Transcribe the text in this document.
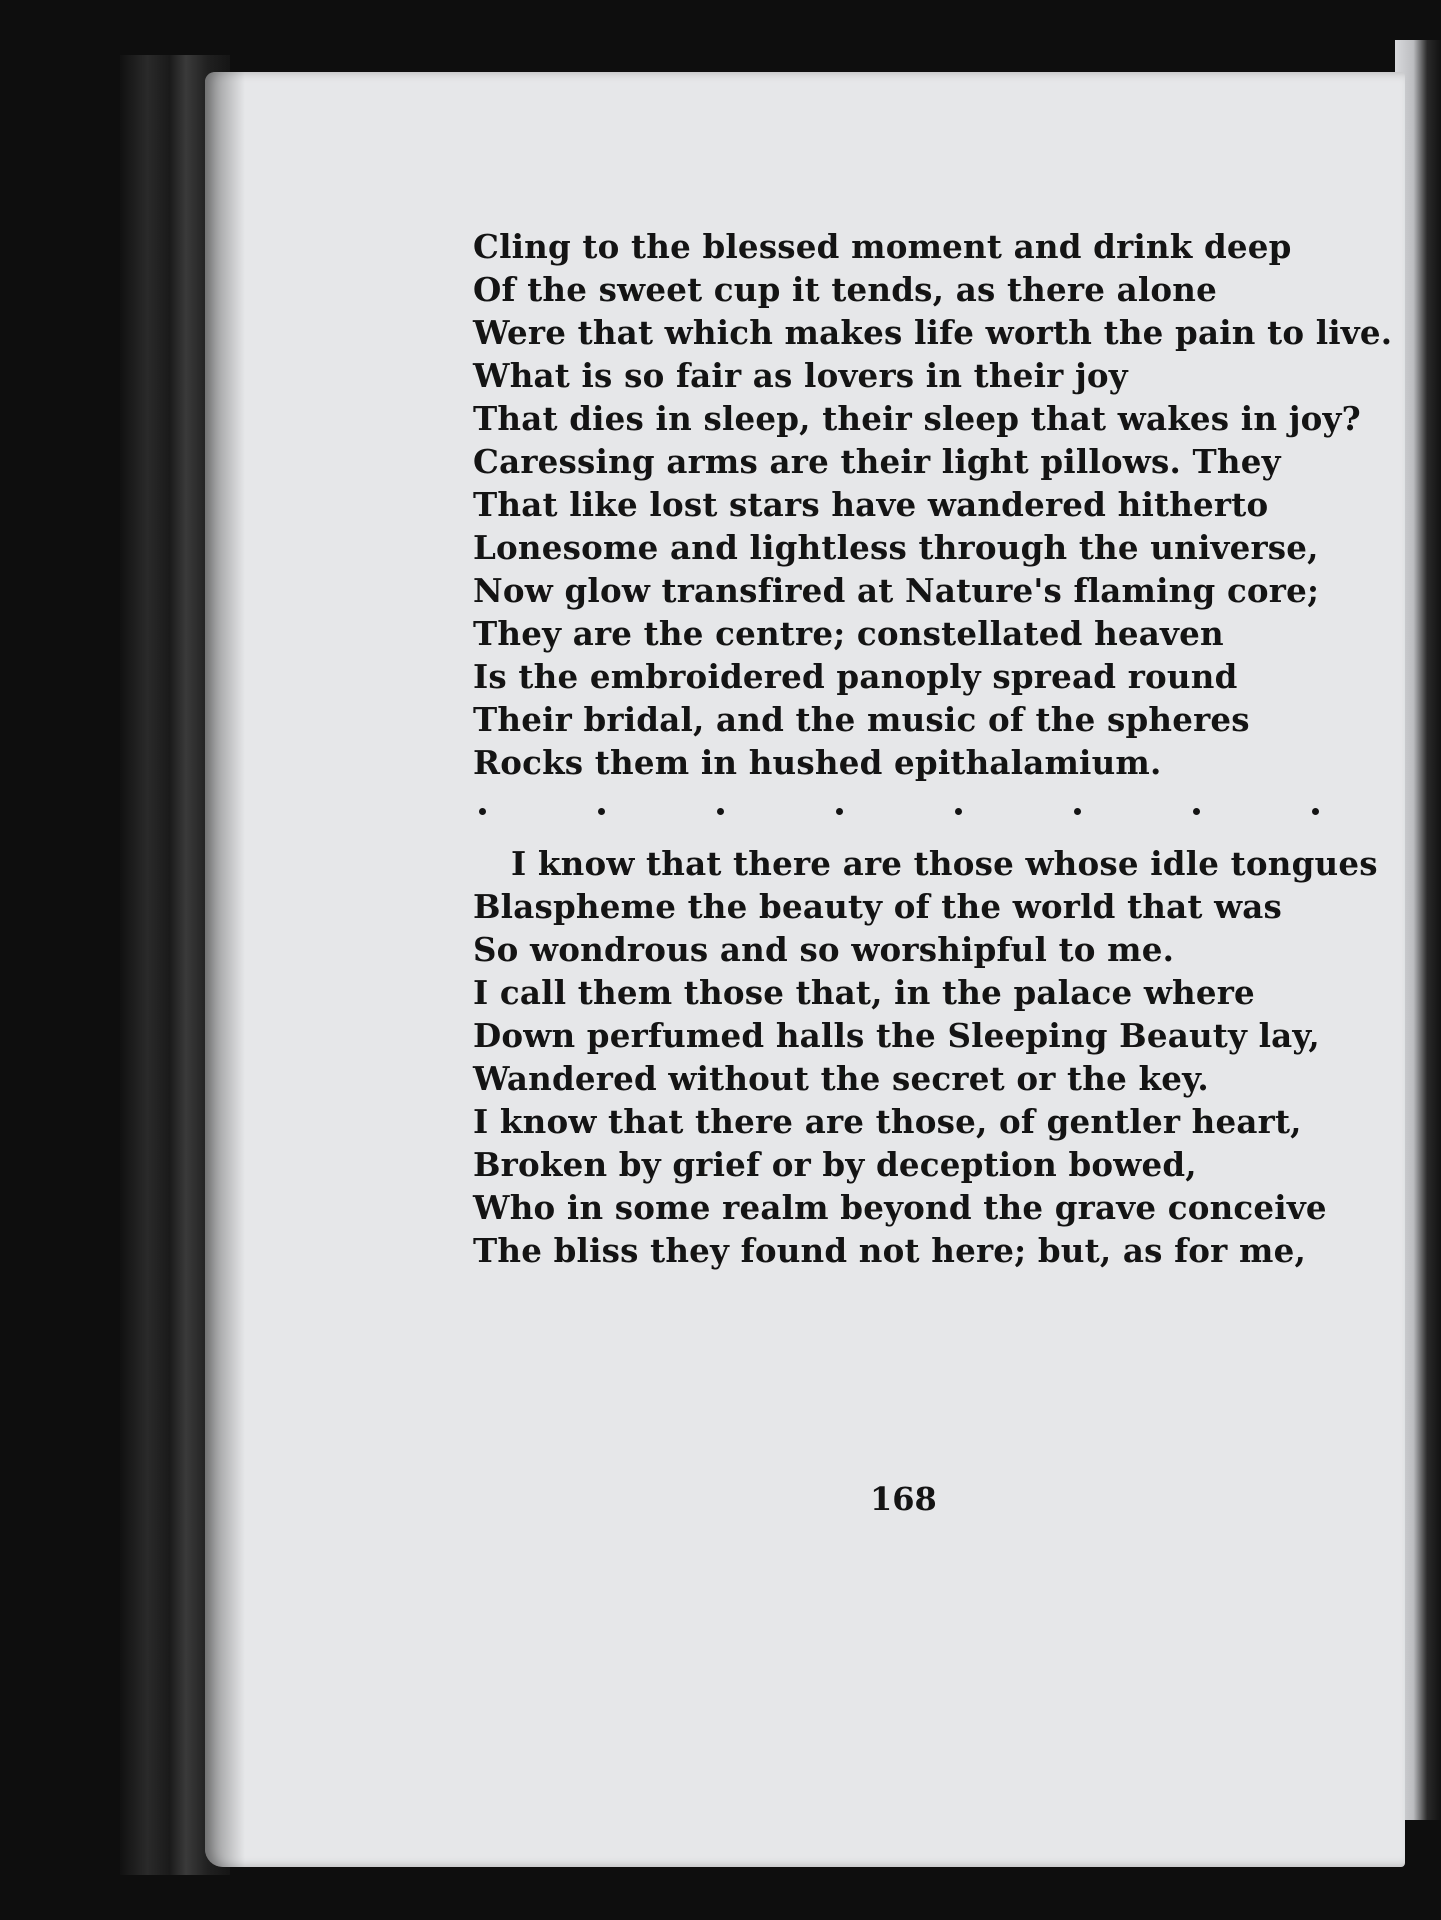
Cling to the blessed moment and drink deep
Of the sweet cup it tends, as there alone
Were that which makes life worth the pain to live.
What is so fair as lovers in their joy
That dies in sleep, their sleep that wakes in joy?
Caressing arms are their light pillows. They
That like lost stars have wandered hitherto
Lonesome and lightless through the universe,
Now glow transfired at Nature's flaming core;
They are the centre; constellated heaven
Is the embroidered panoply spread round
Their bridal, and the music of the spheres
Rocks them in hushed epithalamium.
I know that there are those whose idle tongues
Blaspheme the beauty of the world that was
So wondrous and so worshipful to me.
I call them those that, in the palace where
Down perfumed halls the Sleeping Beauty lay,
Wandered without the secret or the key.
I know that there are those, of gentler heart,
Broken by grief or by deception bowed,
Who in some realm beyond the grave conceive
The bliss they found not here; but, as for me,
168
